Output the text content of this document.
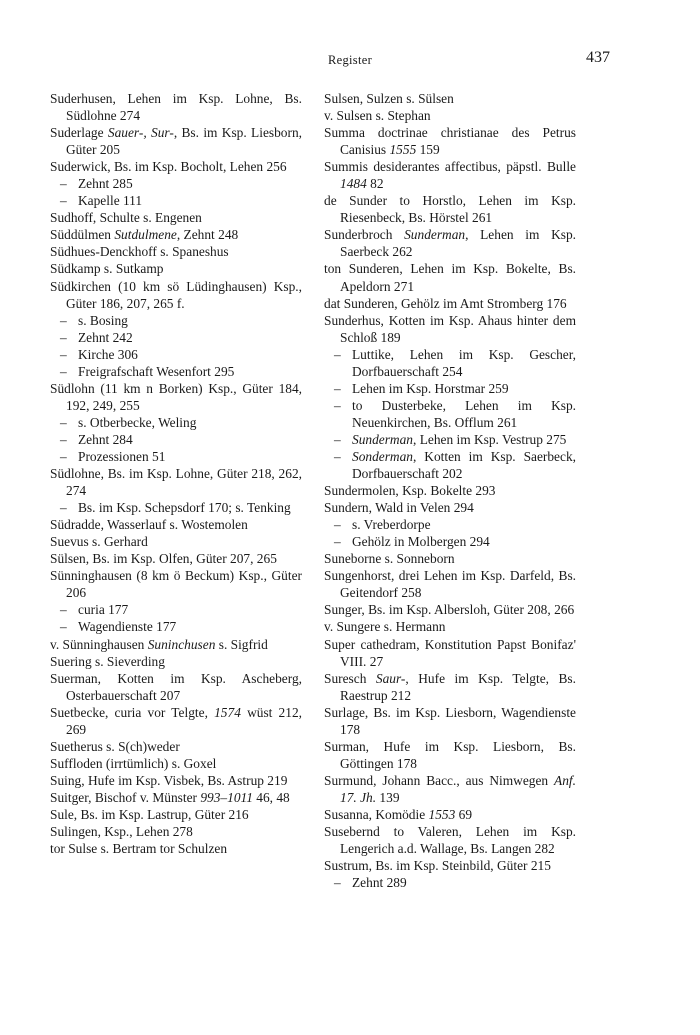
Register	437
Suderhusen, Lehen im Ksp. Lohne, Bs. Südlohne 274
Suderlage Sauer-, Sur-, Bs. im Ksp. Liesborn, Güter 205
Suderwick, Bs. im Ksp. Bocholt, Lehen 256
– Zehnt 285
– Kapelle 111
Sudhoff, Schulte s. Engenen
Süddülmen Sutdulmene, Zehnt 248
Südhues-Denckhoff s. Spaneshus
Südkamp s. Sutkamp
Südkirchen (10 km sö Lüdinghausen) Ksp., Güter 186, 207, 265 f.
– s. Bosing
– Zehnt 242
– Kirche 306
– Freigrafschaft Wesenfort 295
Südlohn (11 km n Borken) Ksp., Güter 184, 192, 249, 255
– s. Otberbecke, Weling
– Zehnt 284
– Prozessionen 51
Südlohne, Bs. im Ksp. Lohne, Güter 218, 262, 274
– Bs. im Ksp. Schepsdorf 170; s. Tenking
Südradde, Wasserlauf s. Wostemolen
Suevus s. Gerhard
Sülsen, Bs. im Ksp. Olfen, Güter 207, 265
Sünninghausen (8 km ö Beckum) Ksp., Güter 206
– curia 177
– Wagendienste 177
v. Sünninghausen Suninchusen s. Sigfrid
Suering s. Sieverding
Suerman, Kotten im Ksp. Ascheberg, Osterbauerschaft 207
Suetbecke, curia vor Telgte, 1574 wüst 212, 269
Suetherus s. S(ch)weder
Suffloden (irrtümlich) s. Goxel
Suing, Hufe im Ksp. Visbek, Bs. Astrup 219
Suitger, Bischof v. Münster 993–1011 46, 48
Sule, Bs. im Ksp. Lastrup, Güter 216
Sulingen, Ksp., Lehen 278
tor Sulse s. Bertram tor Schulzen
Sulsen, Sulzen s. Sülsen
v. Sulsen s. Stephan
Summa doctrinae christianae des Petrus Canisius 1555 159
Summis desiderantes affectibus, päpstl. Bulle 1484 82
de Sunder to Horstlo, Lehen im Ksp. Riesenbeck, Bs. Hörstel 261
Sunderbroch Sunderman, Lehen im Ksp. Saerbeck 262
ton Sunderen, Lehen im Ksp. Bokelte, Bs. Apeldorn 271
dat Sunderen, Gehölz im Amt Stromberg 176
Sunderhus, Kotten im Ksp. Ahaus hinter dem Schloß 189
– Luttike, Lehen im Ksp. Gescher, Dorfbauerschaft 254
– Lehen im Ksp. Horstmar 259
– to Dusterbeke, Lehen im Ksp. Neuenkirchen, Bs. Offlum 261
– Sunderman, Lehen im Ksp. Vestrup 275
– Sonderman, Kotten im Ksp. Saerbeck, Dorfbauerschaft 202
Sundermolen, Ksp. Bokelte 293
Sundern, Wald in Velen 294
– s. Vreberdorpe
– Gehölz in Molbergen 294
Suneborne s. Sonneborn
Sungenhorst, drei Lehen im Ksp. Darfeld, Bs. Geitendorf 258
Sunger, Bs. im Ksp. Albersloh, Güter 208, 266
v. Sungere s. Hermann
Super cathedram, Konstitution Papst Bonifaz' VIII. 27
Suresch Saur-, Hufe im Ksp. Telgte, Bs. Raestrup 212
Surlage, Bs. im Ksp. Liesborn, Wagendienste 178
Surman, Hufe im Ksp. Liesborn, Bs. Göttingen 178
Surmund, Johann Bacc., aus Nimwegen Anf. 17. Jh. 139
Susanna, Komödie 1553 69
Susebernd to Valeren, Lehen im Ksp. Lengerich a.d. Wallage, Bs. Langen 282
Sustrum, Bs. im Ksp. Steinbild, Güter 215
– Zehnt 289
